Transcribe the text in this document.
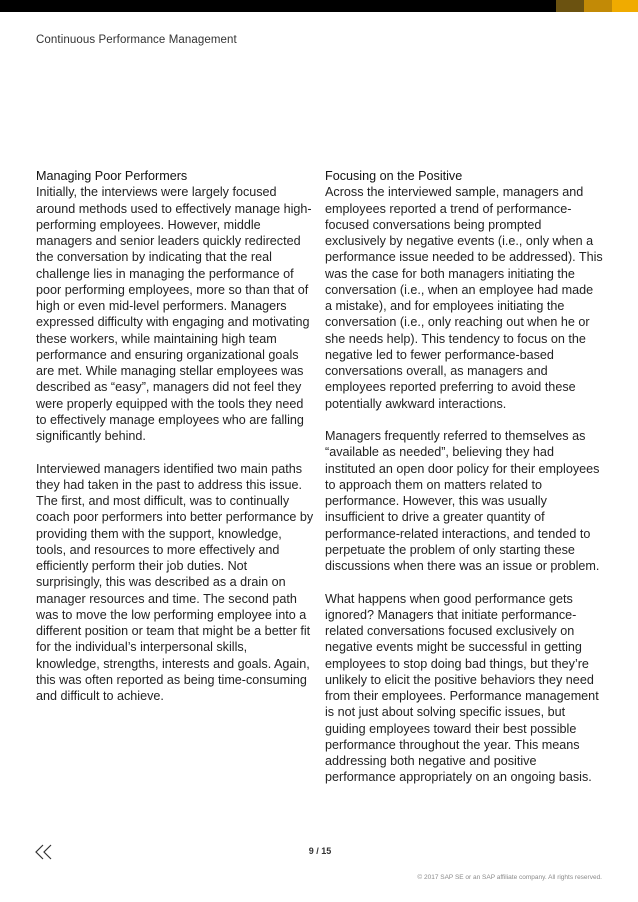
Continuous Performance Management

Managing Poor Performers
Initially, the interviews were largely focused around methods used to effectively manage high-performing employees. However, middle managers and senior leaders quickly redirected the conversation by indicating that the real challenge lies in managing the performance of poor performing employees, more so than that of high or even mid-level performers. Managers expressed difficulty with engaging and motivating these workers, while maintaining high team performance and ensuring organizational goals are met. While managing stellar employees was described as “easy”, managers did not feel they were properly equipped with the tools they need to effectively manage employees who are falling significantly behind.

Interviewed managers identified two main paths they had taken in the past to address this issue. The first, and most difficult, was to continually coach poor performers into better performance by providing them with the support, knowledge, tools, and resources to more effectively and efficiently perform their job duties. Not surprisingly, this was described as a drain on manager resources and time. The second path was to move the low performing employee into a different position or team that might be a better fit for the individual’s interpersonal skills, knowledge, strengths, interests and goals. Again, this was often reported as being time-consuming and difficult to achieve.

Focusing on the Positive
Across the interviewed sample, managers and employees reported a trend of performance-focused conversations being prompted exclusively by negative events (i.e., only when a performance issue needed to be addressed). This was the case for both managers initiating the conversation (i.e., when an employee had made a mistake), and for employees initiating the conversation (i.e., only reaching out when he or she needs help). This tendency to focus on the negative led to fewer performance-based conversations overall, as managers and employees reported preferring to avoid these potentially awkward interactions.

Managers frequently referred to themselves as “available as needed”, believing they had instituted an open door policy for their employees to approach them on matters related to performance. However, this was usually insufficient to drive a greater quantity of performance-related interactions, and tended to perpetuate the problem of only starting these discussions when there was an issue or problem.

What happens when good performance gets ignored? Managers that initiate performance-related conversations focused exclusively on negative events might be successful in getting employees to stop doing bad things, but they’re unlikely to elicit the positive behaviors they need from their employees. Performance management is not just about solving specific issues, but guiding employees toward their best possible performance throughout the year. This means addressing both negative and positive performance appropriately on an ongoing basis.

9 / 15
© 2017 SAP SE or an SAP affiliate company. All rights reserved.
